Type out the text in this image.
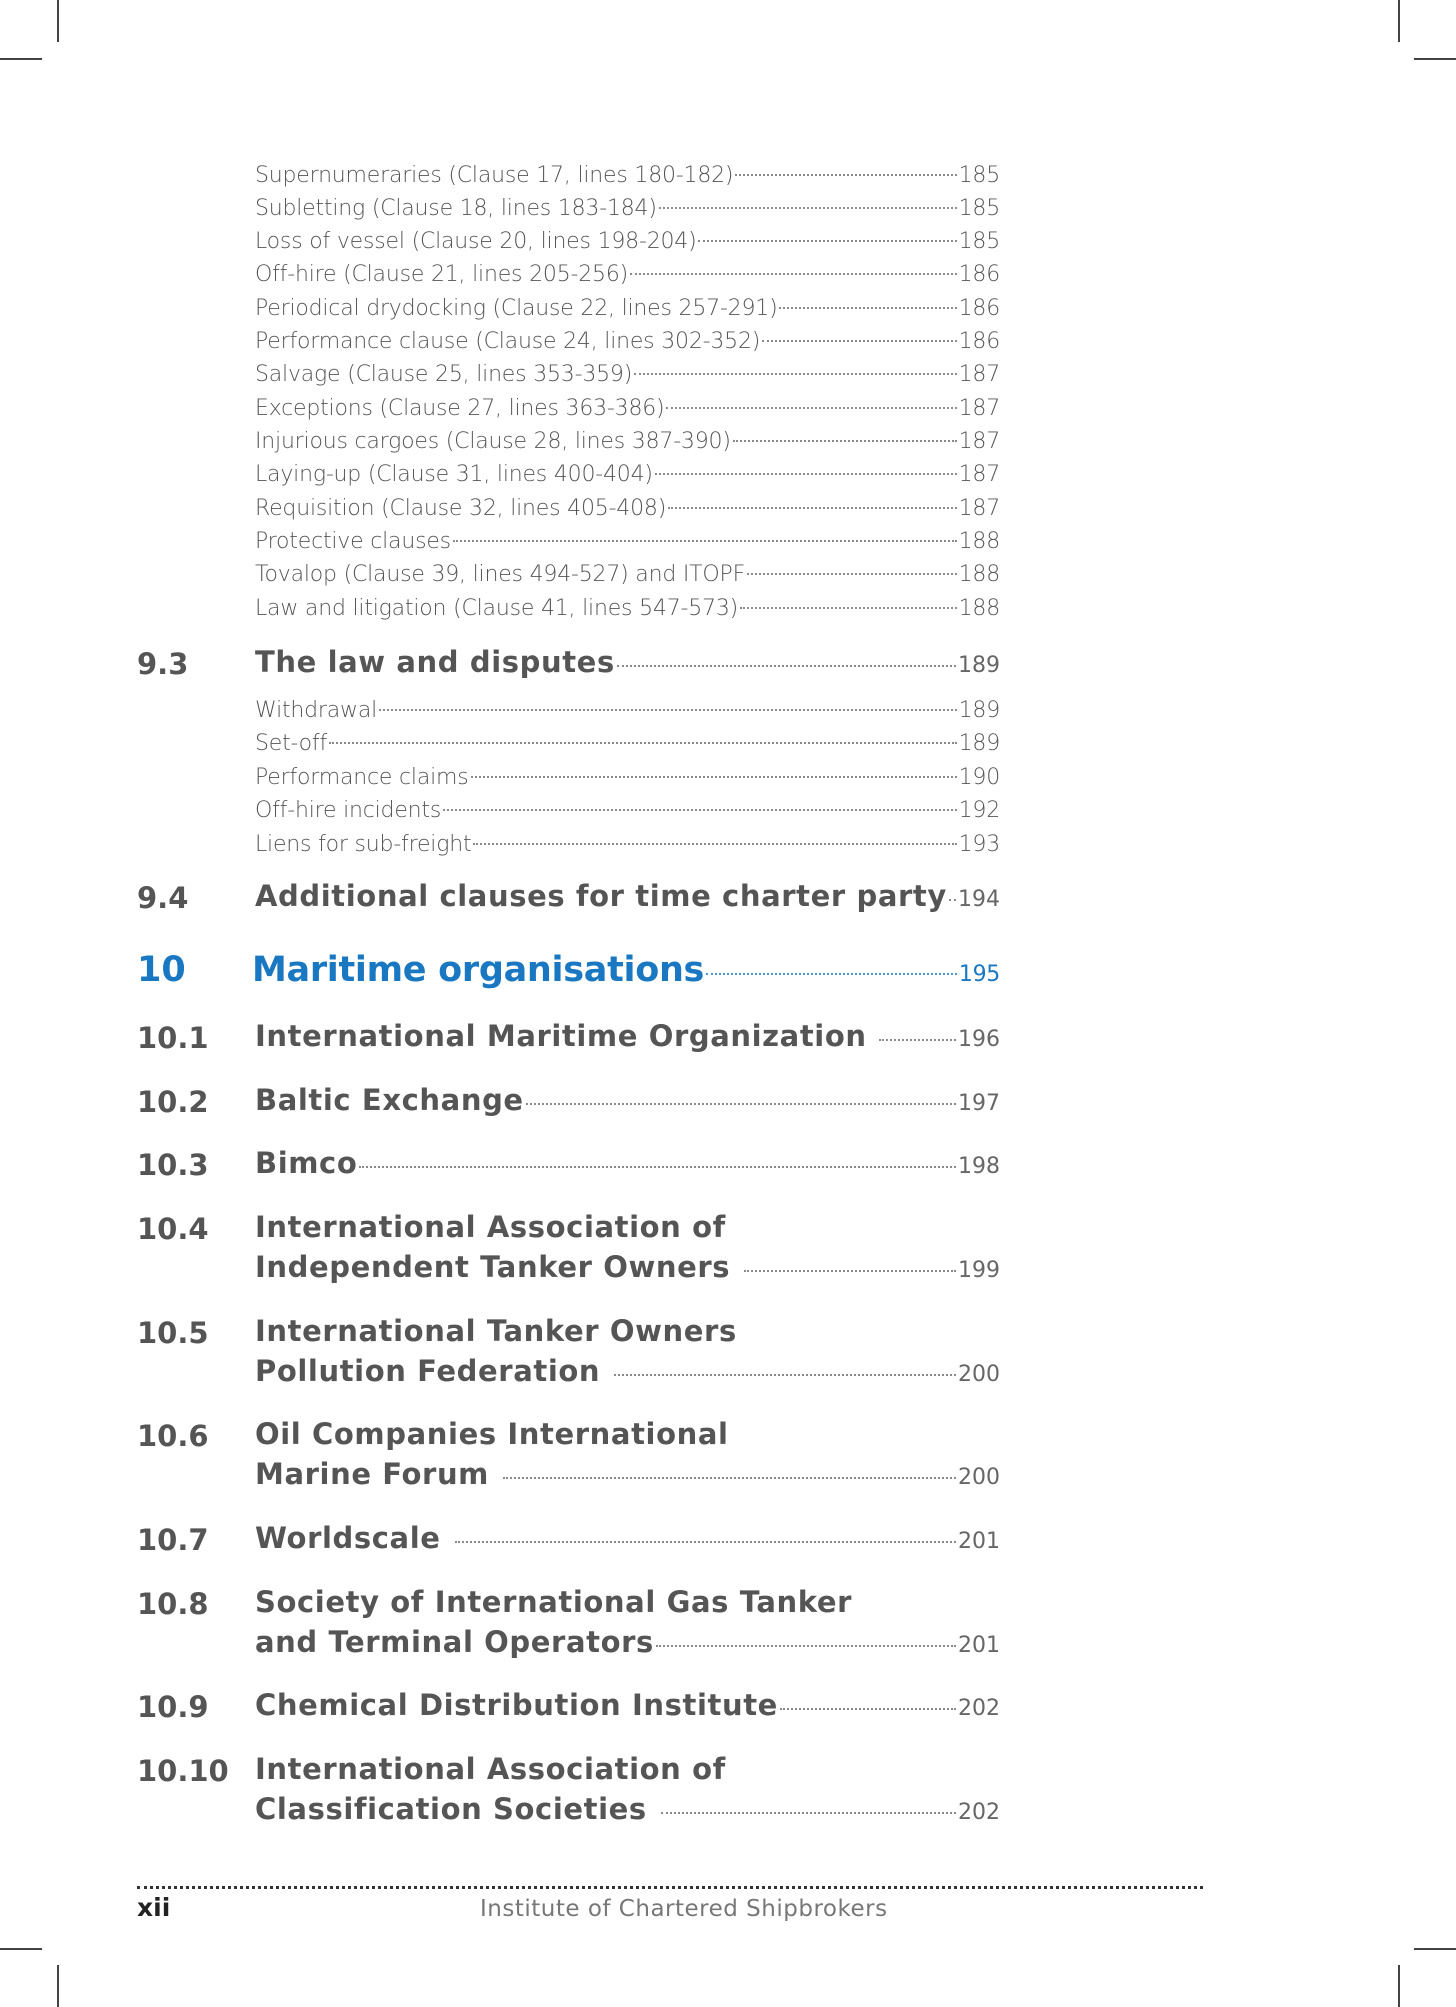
Supernumeraries (Clause 17, lines 180-182)	185
Subletting (Clause 18, lines 183-184)	185
Loss of vessel (Clause 20, lines 198-204)	185
Off-hire (Clause 21, lines 205-256)	186
Periodical drydocking (Clause 22, lines 257-291)	186
Performance clause (Clause 24, lines 302-352)	186
Salvage (Clause 25, lines 353-359)	187
Exceptions (Clause 27, lines 363-386)	187
Injurious cargoes (Clause 28, lines 387-390)	187
Laying-up (Clause 31, lines 400-404)	187
Requisition (Clause 32, lines 405-408)	187
Protective clauses	188
Tovalop (Clause 39, lines 494-527) and ITOPF	188
Law and litigation (Clause 41, lines 547-573)	188
9.3 The law and disputes	189
Withdrawal	189
Set-off	189
Performance claims	190
Off-hire incidents	192
Liens for sub-freight	193
9.4 Additional clauses for time charter party 194
10 Maritime organisations	195
10.1 International Maritime Organization	196
10.2 Baltic Exchange	197
10.3 Bimco	198
10.4 International Association of
Independent Tanker Owners	199
10.5 International Tanker Owners
Pollution Federation	200
10.6 Oil Companies International
Marine Forum	200
10.7 Worldscale	201
10.8 Society of International Gas Tanker
and Terminal Operators	201
10.9 Chemical Distribution Institute	202
10.10 International Association of
Classification Societies	202
xii	Institute of Chartered Shipbrokers
